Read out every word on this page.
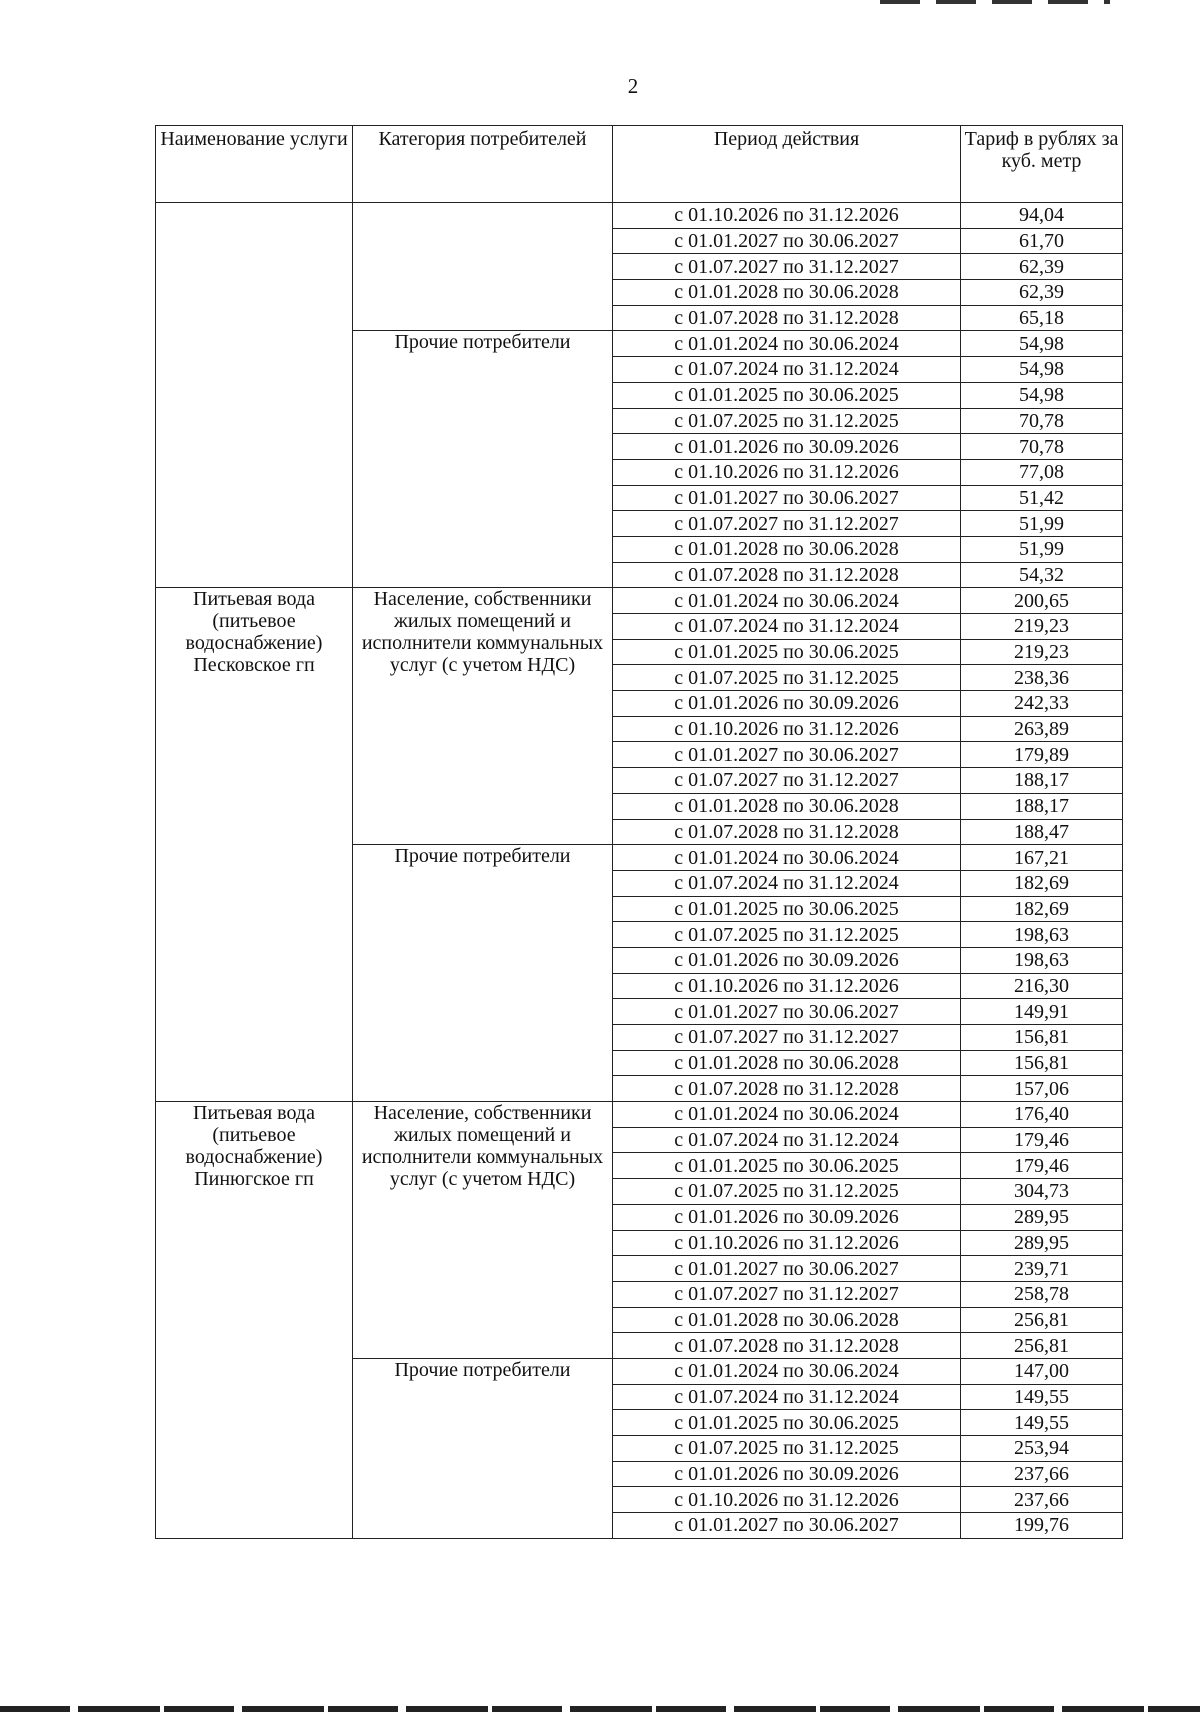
2
Наименование услуги	Категория потребителей	Период действия	Тариф в рублях за куб. метр
		с 01.10.2026 по 31.12.2026	94,04
		с 01.01.2027 по 30.06.2027	61,70
		с 01.07.2027 по 31.12.2027	62,39
		с 01.01.2028 по 30.06.2028	62,39
		с 01.07.2028 по 31.12.2028	65,18
	Прочие потребители	с 01.01.2024 по 30.06.2024	54,98
		с 01.07.2024 по 31.12.2024	54,98
		с 01.01.2025 по 30.06.2025	54,98
		с 01.07.2025 по 31.12.2025	70,78
		с 01.01.2026 по 30.09.2026	70,78
		с 01.10.2026 по 31.12.2026	77,08
		с 01.01.2027 по 30.06.2027	51,42
		с 01.07.2027 по 31.12.2027	51,99
		с 01.01.2028 по 30.06.2028	51,99
		с 01.07.2028 по 31.12.2028	54,32
Питьевая вода (питьевое водоснабжение) Песковское гп	Население, собственники жилых помещений и исполнители коммунальных услуг (с учетом НДС)	с 01.01.2024 по 30.06.2024	200,65
		с 01.07.2024 по 31.12.2024	219,23
		с 01.01.2025 по 30.06.2025	219,23
		с 01.07.2025 по 31.12.2025	238,36
		с 01.01.2026 по 30.09.2026	242,33
		с 01.10.2026 по 31.12.2026	263,89
		с 01.01.2027 по 30.06.2027	179,89
		с 01.07.2027 по 31.12.2027	188,17
		с 01.01.2028 по 30.06.2028	188,17
		с 01.07.2028 по 31.12.2028	188,47
	Прочие потребители	с 01.01.2024 по 30.06.2024	167,21
		с 01.07.2024 по 31.12.2024	182,69
		с 01.01.2025 по 30.06.2025	182,69
		с 01.07.2025 по 31.12.2025	198,63
		с 01.01.2026 по 30.09.2026	198,63
		с 01.10.2026 по 31.12.2026	216,30
		с 01.01.2027 по 30.06.2027	149,91
		с 01.07.2027 по 31.12.2027	156,81
		с 01.01.2028 по 30.06.2028	156,81
		с 01.07.2028 по 31.12.2028	157,06
Питьевая вода (питьевое водоснабжение) Пинюгское гп	Население, собственники жилых помещений и исполнители коммунальных услуг (с учетом НДС)	с 01.01.2024 по 30.06.2024	176,40
		с 01.07.2024 по 31.12.2024	179,46
		с 01.01.2025 по 30.06.2025	179,46
		с 01.07.2025 по 31.12.2025	304,73
		с 01.01.2026 по 30.09.2026	289,95
		с 01.10.2026 по 31.12.2026	289,95
		с 01.01.2027 по 30.06.2027	239,71
		с 01.07.2027 по 31.12.2027	258,78
		с 01.01.2028 по 30.06.2028	256,81
		с 01.07.2028 по 31.12.2028	256,81
	Прочие потребители	с 01.01.2024 по 30.06.2024	147,00
		с 01.07.2024 по 31.12.2024	149,55
		с 01.01.2025 по 30.06.2025	149,55
		с 01.07.2025 по 31.12.2025	253,94
		с 01.01.2026 по 30.09.2026	237,66
		с 01.10.2026 по 31.12.2026	237,66
		с 01.01.2027 по 30.06.2027	199,76
